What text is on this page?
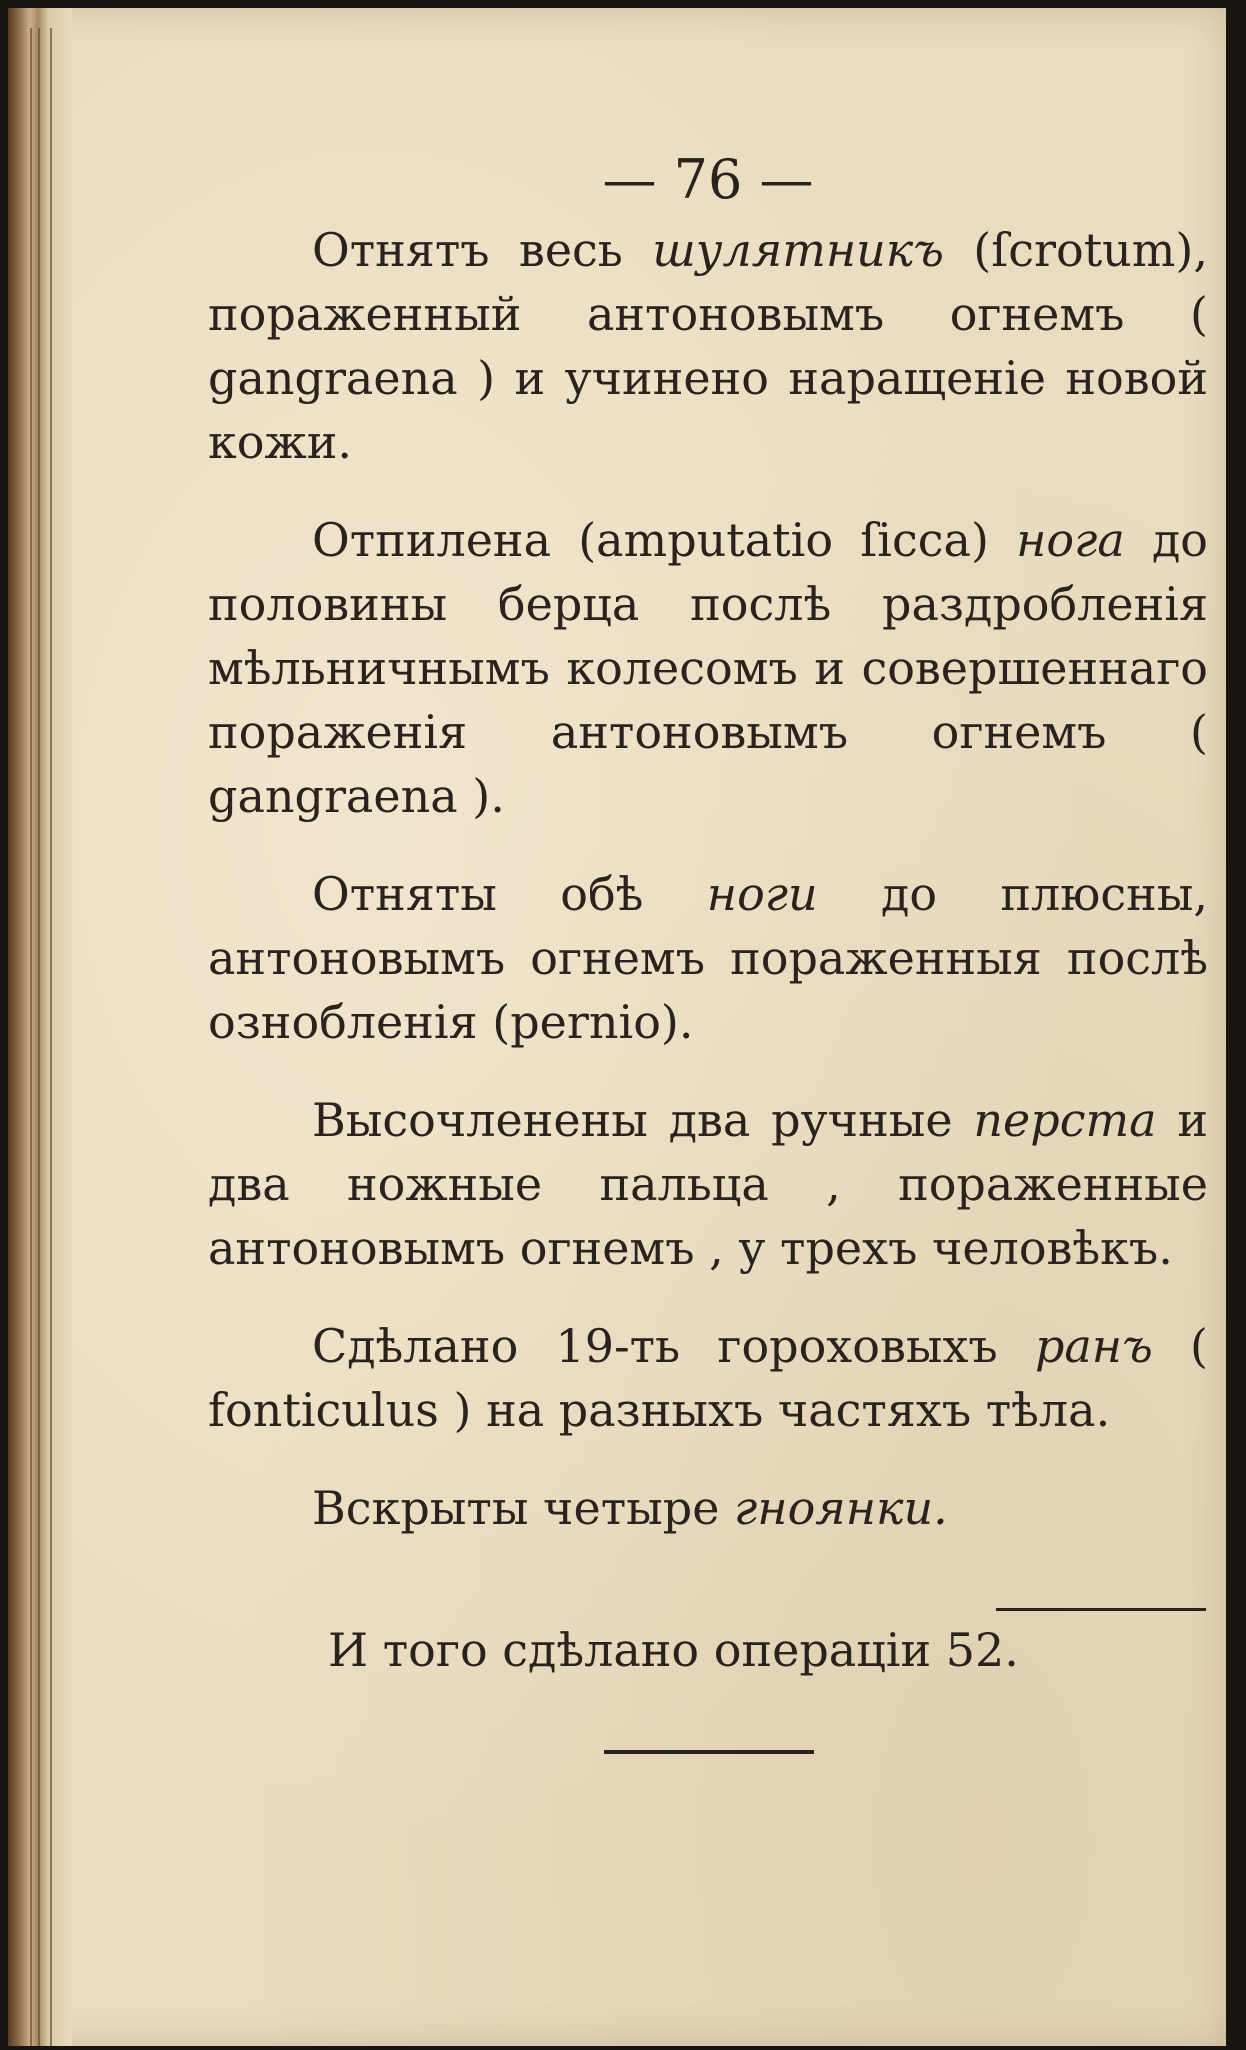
— 76 —

Отнятъ весь шулятникъ (ſcrotum), пораженный антоновымъ огнемъ ( gangraena ) и учинено наращеніе новой кожи.

Отпилена (amputatio ſicca) нога до половины берца послѣ раздробленія мѣльничнымъ колесомъ и совершеннаго пораженія антоновымъ огнемъ ( gangraena ).

Отняты обѣ ноги до плюсны, антоновымъ огнемъ пораженныя послѣ ознобленія (pernio).

Высочленены два ручные перста и два ножные пальца , пораженные антоновымъ огнемъ , у трехъ человѣкъ.

Сдѣлано 19-ть гороховыхъ ранъ ( fonticulus ) на разныхъ частяхъ тѣла.

Вскрыты четыре гноянки.

И того сдѣлано операціи 52.
